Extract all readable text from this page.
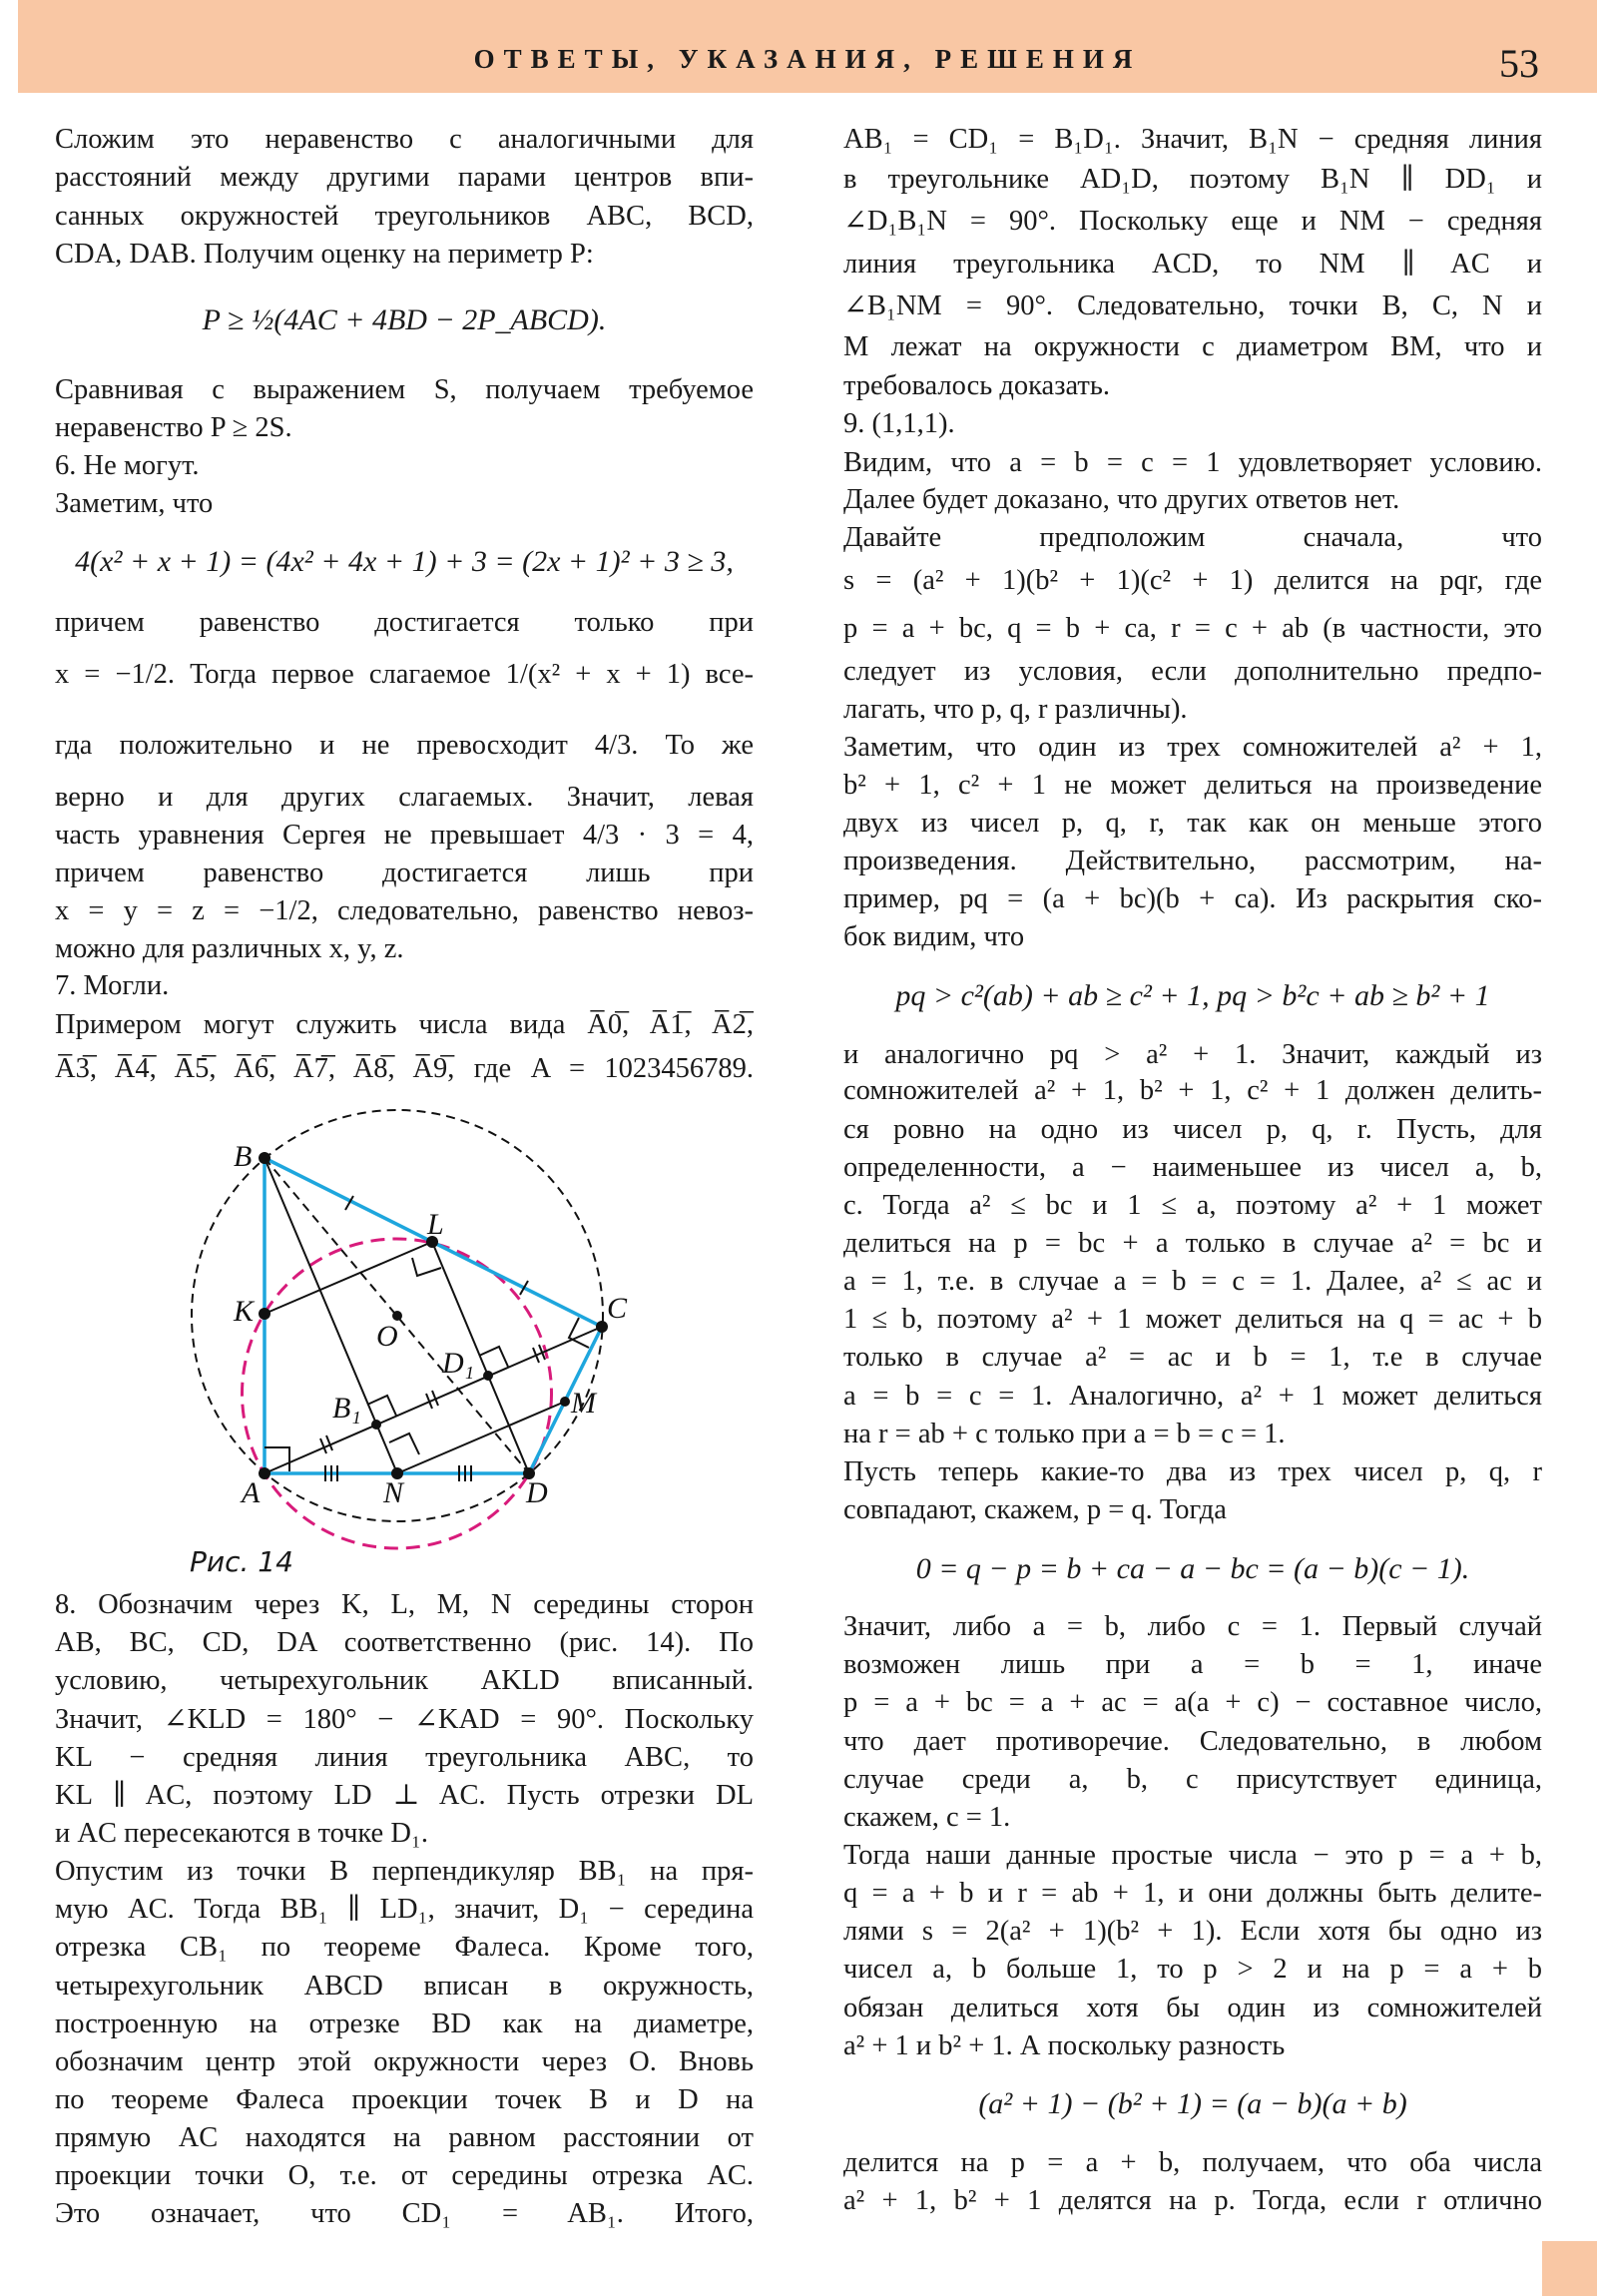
ОТВЕТЫ, УКАЗАНИЯ, РЕШЕНИЯ	53
Сложим это неравенство с аналогичными для
расстояний между другими парами центров впи-
санных окружностей треугольников ABC, BCD,
CDA, DAB. Получим оценку на периметр P:
P ≥ ½(4AC + 4BD − 2P_ABCD).
Сравнивая с выражением S, получаем требуемое
неравенство P ≥ 2S.
6. Не могут.
Заметим, что
4(x² + x + 1) = (4x² + 4x + 1) + 3 = (2x + 1)² + 3 ≥ 3,
причем равенство достигается только при
x = −1/2. Тогда первое слагаемое 1/(x² + x + 1) все-
гда положительно и не превосходит 4/3. То же
верно и для других слагаемых. Значит, левая
часть уравнения Сергея не превышает 4/3 · 3 = 4,
причем равенство достигается лишь при
x = y = z = −1/2, следовательно, равенство невоз-
можно для различных x, y, z.
7. Могли.
Примером могут служить числа вида A̅0̅, A̅1̅, A̅2̅,
A̅3̅, A̅4̅, A̅5̅, A̅6̅, A̅7̅, A̅8̅, A̅9̅, где A = 1023456789.
8. Обозначим через K, L, M, N середины сторон
AB, BC, CD, DA соответственно (рис. 14). По
условию, четырехугольник AKLD вписанный.
Значит, ∠KLD = 180° − ∠KAD = 90°. Поскольку
KL − средняя линия треугольника ABC, то
KL ∥ AC, поэтому LD ⊥ AC. Пусть отрезки DL
и AC пересекаются в точке D₁.
Опустим из точки B перпендикуляр BB₁ на пря-
мую AC. Тогда BB₁ ∥ LD₁, значит, D₁ − середина
отрезка CB₁ по теореме Фалеса. Кроме того,
четырехугольник ABCD вписан в окружность,
построенную на отрезке BD как на диаметре,
обозначим центр этой окружности через O. Вновь
по теореме Фалеса проекции точек B и D на
прямую AC находятся на равном расстоянии от
проекции точки O, т.е. от середины отрезка AC.
Это означает, что CD₁ = AB₁. Итого,
AB₁ = CD₁ = B₁D₁. Значит, B₁N − средняя линия
в треугольнике AD₁D, поэтому B₁N ∥ DD₁ и
∠D₁B₁N = 90°. Поскольку еще и NM − средняя
линия треугольника ACD, то NM ∥ AC и
∠B₁NM = 90°. Следовательно, точки B, C, N и
M лежат на окружности с диаметром BM, что и
требовалось доказать.
9. (1,1,1).
Видим, что a = b = c = 1 удовлетворяет условию.
Далее будет доказано, что других ответов нет.
Давайте предположим сначала, что
s = (a² + 1)(b² + 1)(c² + 1) делится на pqr, где
p = a + bc, q = b + ca, r = c + ab (в частности, это
следует из условия, если дополнительно предпо-
лагать, что p, q, r различны).
Заметим, что один из трех сомножителей a² + 1,
b² + 1, c² + 1 не может делиться на произведение
двух из чисел p, q, r, так как он меньше этого
произведения. Действительно, рассмотрим, на-
пример, pq = (a + bc)(b + ca). Из раскрытия ско-
бок видим, что
pq > c²(ab) + ab ≥ c² + 1, pq > b²c + ab ≥ b² + 1
и аналогично pq > a² + 1. Значит, каждый из
сомножителей a² + 1, b² + 1, c² + 1 должен делить-
ся ровно на одно из чисел p, q, r. Пусть, для
определенности, a − наименьшее из чисел a, b,
c. Тогда a² ≤ bc и 1 ≤ a, поэтому a² + 1 может
делиться на p = bc + a только в случае a² = bc и
a = 1, т.е. в случае a = b = c = 1. Далее, a² ≤ ac и
1 ≤ b, поэтому a² + 1 может делиться на q = ac + b
только в случае a² = ac и b = 1, т.е в случае
a = b = c = 1. Аналогично, a² + 1 может делиться
на r = ab + c только при a = b = c = 1.
Пусть теперь какие-то два из трех чисел p, q, r
совпадают, скажем, p = q. Тогда
0 = q − p = b + ca − a − bc = (a − b)(c − 1).
Значит, либо a = b, либо c = 1. Первый случай
возможен лишь при a = b = 1, иначе
p = a + bc = a + ac = a(a + c) − составное число,
что дает противоречие. Следовательно, в любом
случае среди a, b, c присутствует единица,
скажем, c = 1.
Тогда наши данные простые числа − это p = a + b,
q = a + b и r = ab + 1, и они должны быть делите-
лями s = 2(a² + 1)(b² + 1). Если хотя бы одно из
чисел a, b больше 1, то p > 2 и на p = a + b
обязан делиться хотя бы один из сомножителей
a² + 1 и b² + 1. А поскольку разность
(a² + 1) − (b² + 1) = (a − b)(a + b)
делится на p = a + b, получаем, что оба числа
a² + 1, b² + 1 делятся на p. Тогда, если r отлично
B
L
K	C
O
D₁
B₁	M
A	N	D
Рис. 14
